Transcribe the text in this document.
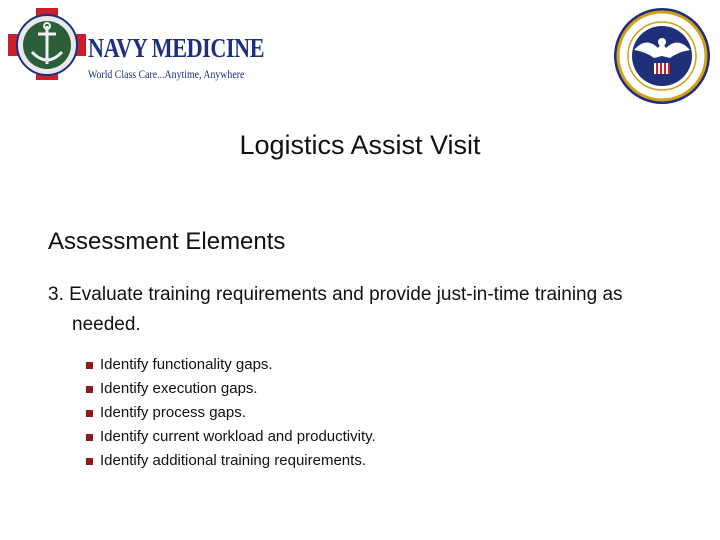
NAVY MEDICINE
World Class Care...Anytime, Anywhere
Logistics Assist Visit
Assessment Elements
3. Evaluate training requirements and provide just-in-time training as needed.
Identify functionality gaps.
Identify execution gaps.
Identify process gaps.
Identify current workload and productivity.
Identify additional training requirements.
